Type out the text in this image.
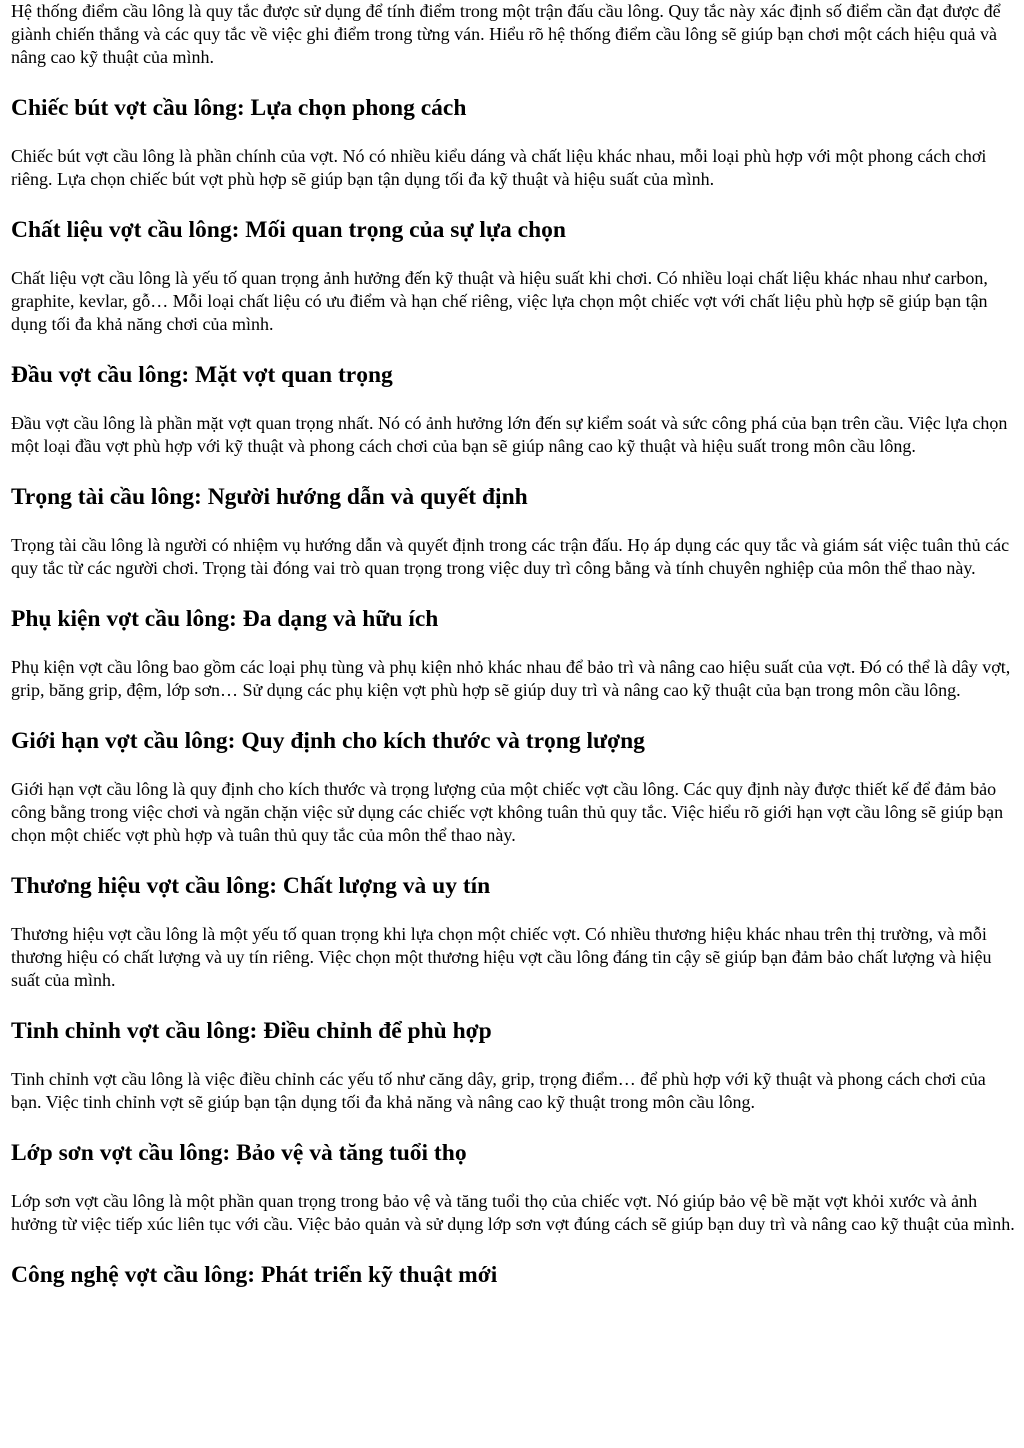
Hệ thống điểm cầu lông là quy tắc được sử dụng để tính điểm trong một trận đấu cầu lông. Quy tắc này xác định số điểm cần đạt được để giành chiến thắng và các quy tắc về việc ghi điểm trong từng ván. Hiểu rõ hệ thống điểm cầu lông sẽ giúp bạn chơi một cách hiệu quả và nâng cao kỹ thuật của mình.

Chiếc bút vợt cầu lông: Lựa chọn phong cách

Chiếc bút vợt cầu lông là phần chính của vợt. Nó có nhiều kiểu dáng và chất liệu khác nhau, mỗi loại phù hợp với một phong cách chơi riêng. Lựa chọn chiếc bút vợt phù hợp sẽ giúp bạn tận dụng tối đa kỹ thuật và hiệu suất của mình.

Chất liệu vợt cầu lông: Mối quan trọng của sự lựa chọn

Chất liệu vợt cầu lông là yếu tố quan trọng ảnh hưởng đến kỹ thuật và hiệu suất khi chơi. Có nhiều loại chất liệu khác nhau như carbon, graphite, kevlar, gỗ… Mỗi loại chất liệu có ưu điểm và hạn chế riêng, việc lựa chọn một chiếc vợt với chất liệu phù hợp sẽ giúp bạn tận dụng tối đa khả năng chơi của mình.

Đầu vợt cầu lông: Mặt vợt quan trọng

Đầu vợt cầu lông là phần mặt vợt quan trọng nhất. Nó có ảnh hưởng lớn đến sự kiểm soát và sức công phá của bạn trên cầu. Việc lựa chọn một loại đầu vợt phù hợp với kỹ thuật và phong cách chơi của bạn sẽ giúp nâng cao kỹ thuật và hiệu suất trong môn cầu lông.

Trọng tài cầu lông: Người hướng dẫn và quyết định

Trọng tài cầu lông là người có nhiệm vụ hướng dẫn và quyết định trong các trận đấu. Họ áp dụng các quy tắc và giám sát việc tuân thủ các quy tắc từ các người chơi. Trọng tài đóng vai trò quan trọng trong việc duy trì công bằng và tính chuyên nghiệp của môn thể thao này.

Phụ kiện vợt cầu lông: Đa dạng và hữu ích

Phụ kiện vợt cầu lông bao gồm các loại phụ tùng và phụ kiện nhỏ khác nhau để bảo trì và nâng cao hiệu suất của vợt. Đó có thể là dây vợt, grip, băng grip, đệm, lớp sơn… Sử dụng các phụ kiện vợt phù hợp sẽ giúp duy trì và nâng cao kỹ thuật của bạn trong môn cầu lông.

Giới hạn vợt cầu lông: Quy định cho kích thước và trọng lượng

Giới hạn vợt cầu lông là quy định cho kích thước và trọng lượng của một chiếc vợt cầu lông. Các quy định này được thiết kế để đảm bảo công bằng trong việc chơi và ngăn chặn việc sử dụng các chiếc vợt không tuân thủ quy tắc. Việc hiểu rõ giới hạn vợt cầu lông sẽ giúp bạn chọn một chiếc vợt phù hợp và tuân thủ quy tắc của môn thể thao này.

Thương hiệu vợt cầu lông: Chất lượng và uy tín

Thương hiệu vợt cầu lông là một yếu tố quan trọng khi lựa chọn một chiếc vợt. Có nhiều thương hiệu khác nhau trên thị trường, và mỗi thương hiệu có chất lượng và uy tín riêng. Việc chọn một thương hiệu vợt cầu lông đáng tin cậy sẽ giúp bạn đảm bảo chất lượng và hiệu suất của mình.

Tinh chỉnh vợt cầu lông: Điều chỉnh để phù hợp

Tinh chỉnh vợt cầu lông là việc điều chỉnh các yếu tố như căng dây, grip, trọng điểm… để phù hợp với kỹ thuật và phong cách chơi của bạn. Việc tinh chỉnh vợt sẽ giúp bạn tận dụng tối đa khả năng và nâng cao kỹ thuật trong môn cầu lông.

Lớp sơn vợt cầu lông: Bảo vệ và tăng tuổi thọ

Lớp sơn vợt cầu lông là một phần quan trọng trong bảo vệ và tăng tuổi thọ của chiếc vợt. Nó giúp bảo vệ bề mặt vợt khỏi xước và ảnh hưởng từ việc tiếp xúc liên tục với cầu. Việc bảo quản và sử dụng lớp sơn vợt đúng cách sẽ giúp bạn duy trì và nâng cao kỹ thuật của mình.

Công nghệ vợt cầu lông: Phát triển kỹ thuật mới
